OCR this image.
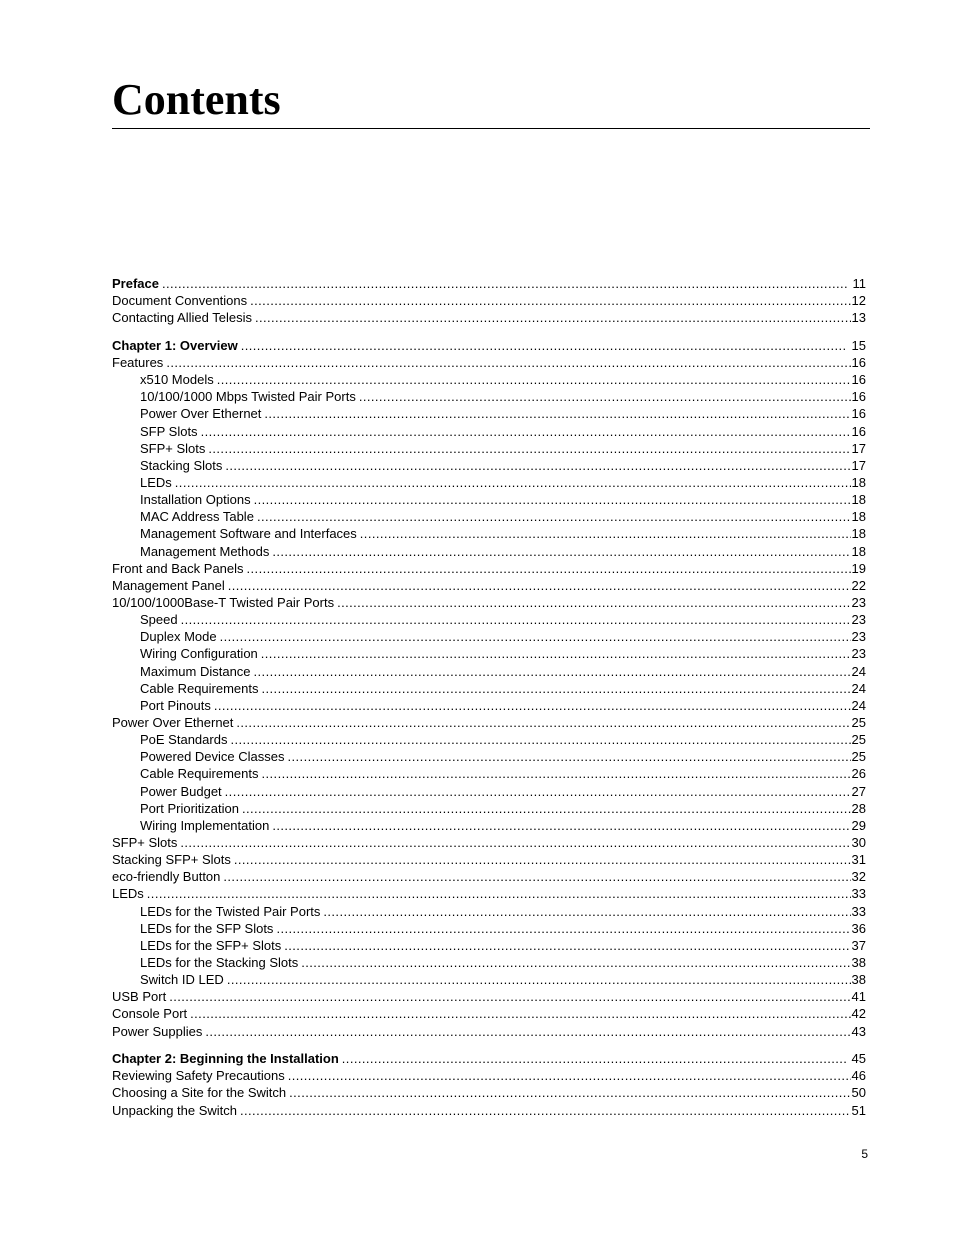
Contents
Preface .....	11
Document Conventions .....	12
Contacting Allied Telesis .....	13
Chapter 1: Overview .....	15
Features .....	16
x510 Models .....	16
10/100/1000 Mbps Twisted Pair Ports .....	16
Power Over Ethernet .....	16
SFP Slots .....	16
SFP+ Slots .....	17
Stacking Slots .....	17
LEDs .....	18
Installation Options .....	18
MAC Address Table .....	18
Management Software and Interfaces .....	18
Management Methods .....	18
Front and Back Panels .....	19
Management Panel .....	22
10/100/1000Base-T Twisted Pair Ports .....	23
Speed .....	23
Duplex Mode .....	23
Wiring Configuration .....	23
Maximum Distance .....	24
Cable Requirements .....	24
Port Pinouts .....	24
Power Over Ethernet .....	25
PoE Standards .....	25
Powered Device Classes .....	25
Cable Requirements .....	26
Power Budget .....	27
Port Prioritization .....	28
Wiring Implementation .....	29
SFP+ Slots .....	30
Stacking SFP+ Slots .....	31
eco-friendly Button .....	32
LEDs .....	33
LEDs for the Twisted Pair Ports .....	33
LEDs for the SFP Slots .....	36
LEDs for the SFP+ Slots .....	37
LEDs for the Stacking Slots .....	38
Switch ID LED .....	38
USB Port .....	41
Console Port .....	42
Power Supplies .....	43
Chapter 2: Beginning the Installation .....	45
Reviewing Safety Precautions .....	46
Choosing a Site for the Switch .....	50
Unpacking the Switch .....	51
5
